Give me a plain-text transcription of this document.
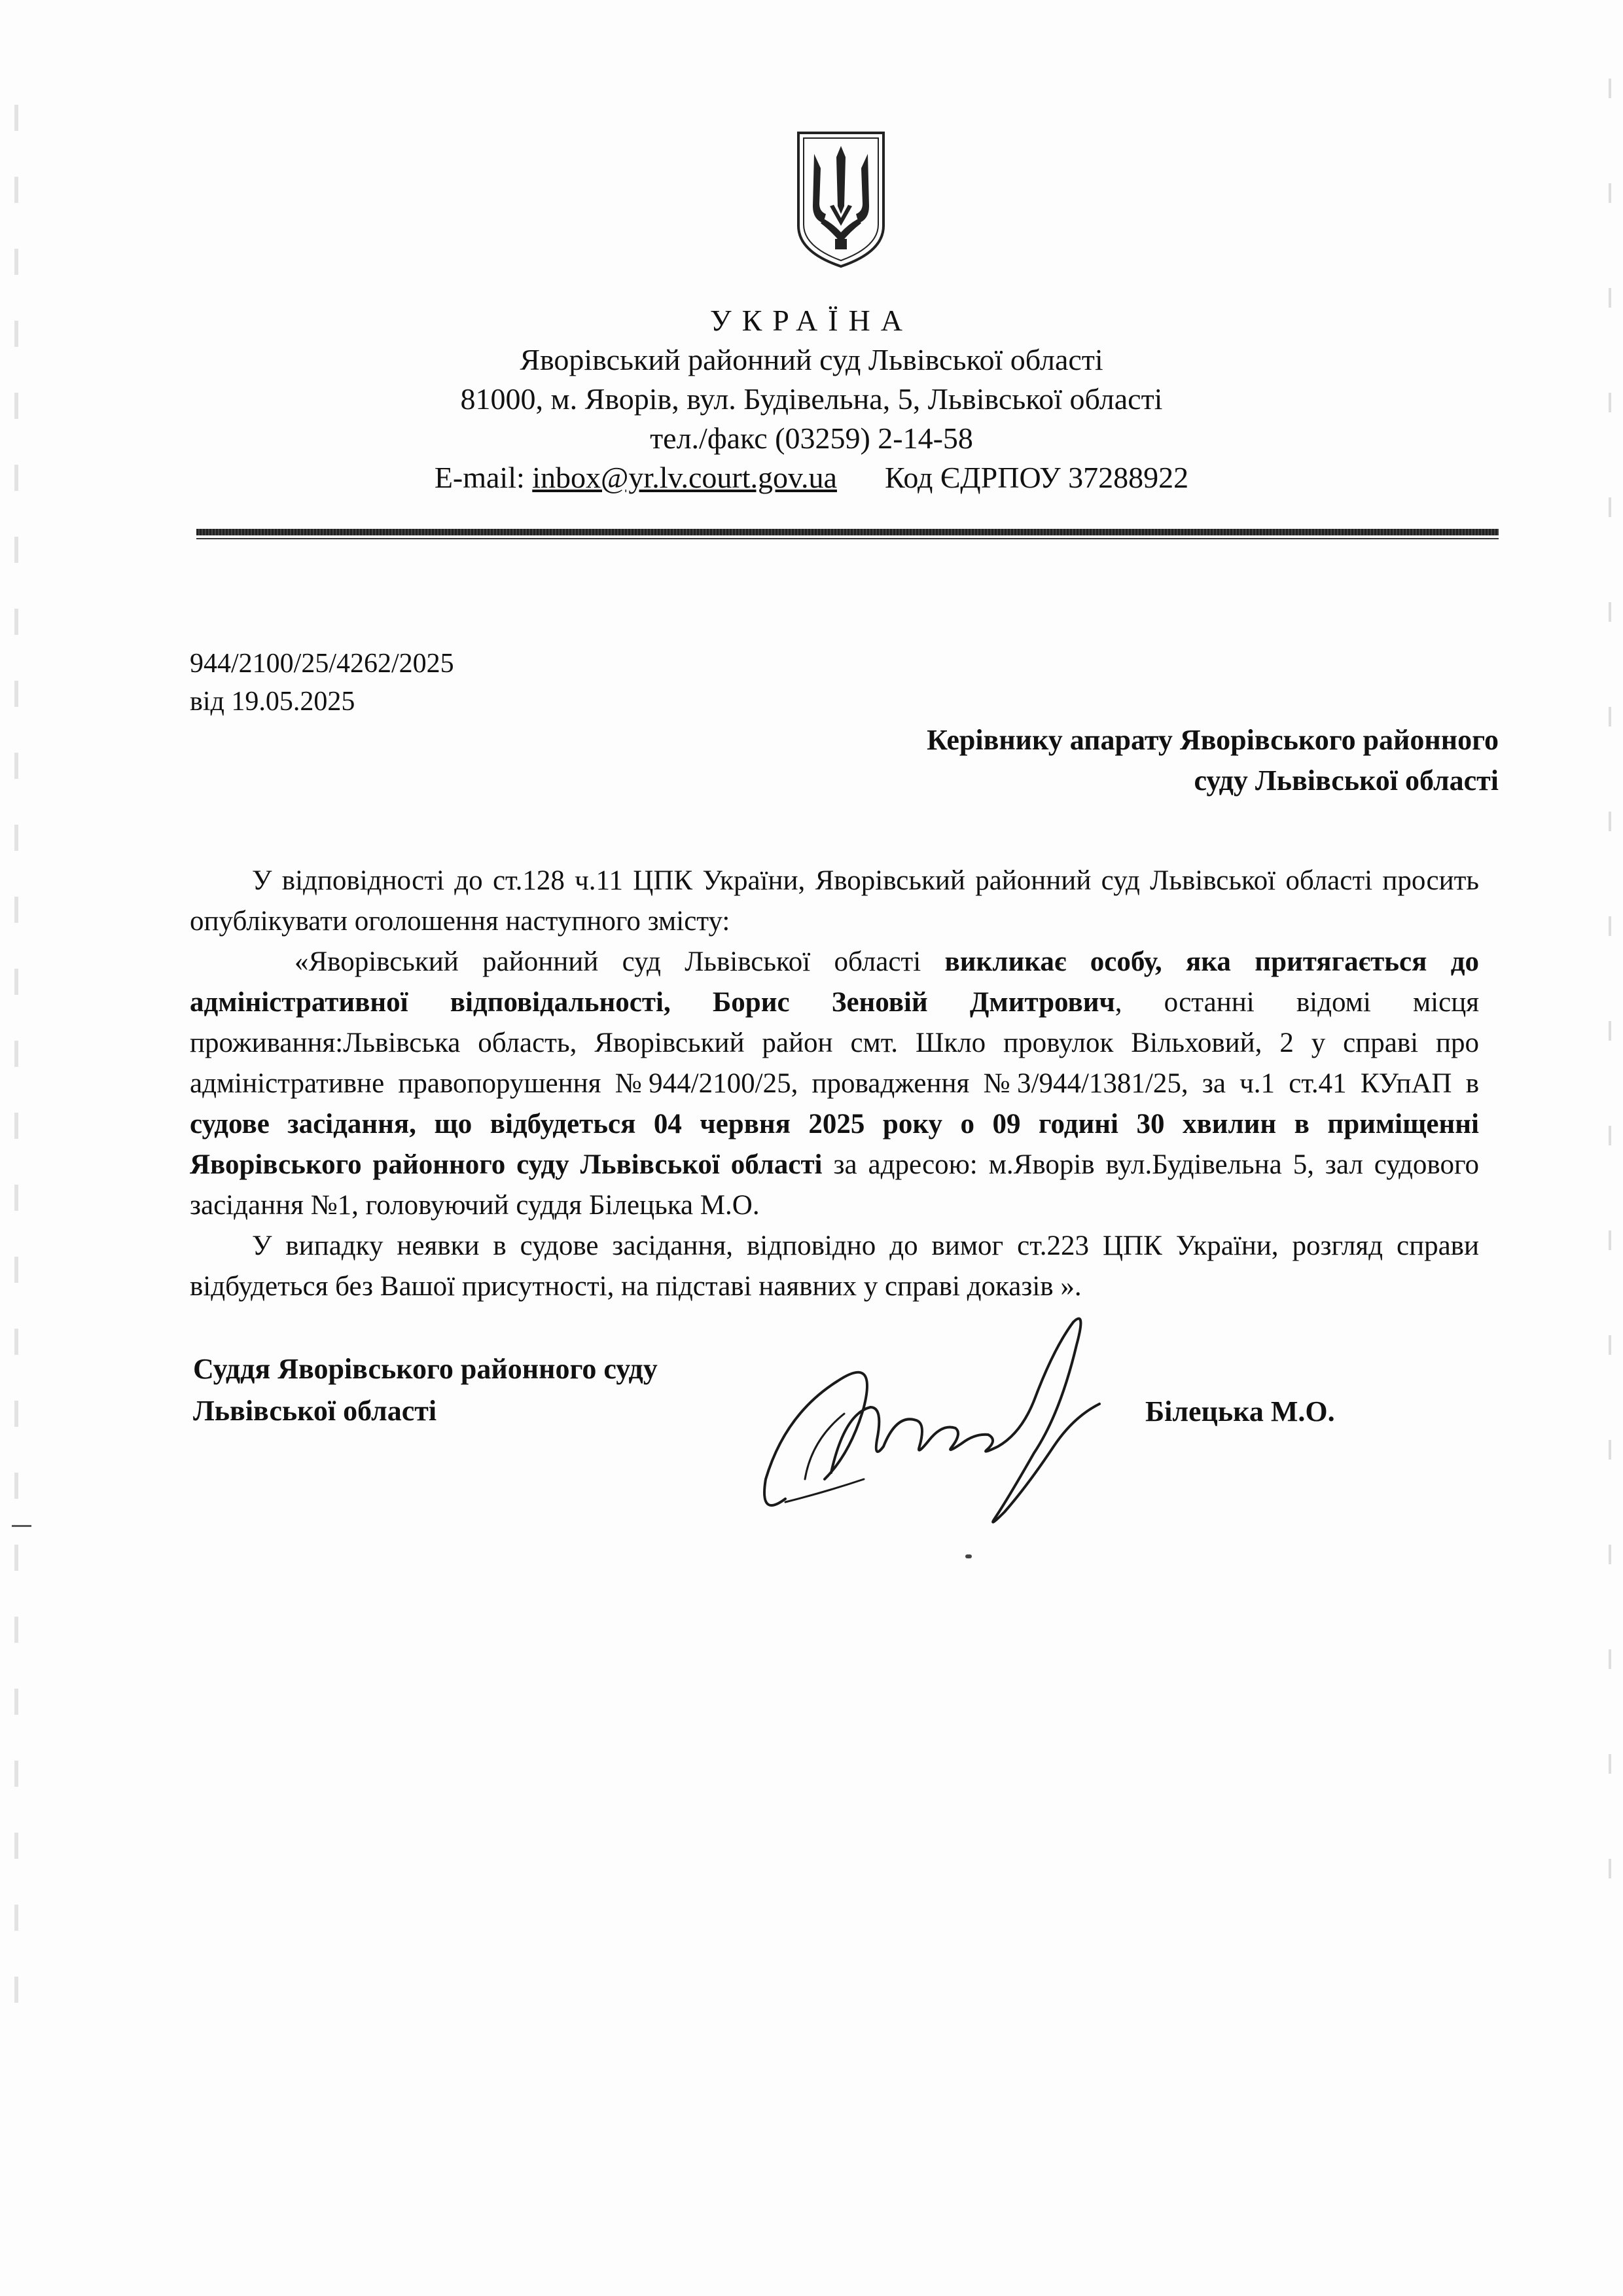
УКРАЇНА
Яворівський районний суд Львівської області
81000, м. Яворів, вул. Будівельна, 5, Львівської області
тел./факс (03259) 2-14-58
E-mail: inbox@yr.lv.court.gov.ua Код ЄДРПОУ 37288922
944/2100/25/4262/2025
від 19.05.2025
Керівнику апарату Яворівського районного
суду Львівської області

У відповідності до ст.128 ч.11 ЦПК України, Яворівський районний суд Львівської області просить опублікувати оголошення наступного змісту:

«Яворівський районний суд Львівської області викликає особу, яка притягається до адміністративної відповідальності, Борис Зеновій Дмитрович, останні відомі місця проживання:Львівська область, Яворівський район смт. Шкло провулок Вільховий, 2 у справі про адміністративне правопорушення №944/2100/25, провадження №3/944/1381/25, за ч.1 ст.41 КУпАП в судове засідання, що відбудеться 04 червня 2025 року о 09 годині 30 хвилин в приміщенні Яворівського районного суду Львівської області за адресою: м.Яворів вул.Будівельна 5, зал судового засідання №1, головуючий суддя Білецька М.О.

У випадку неявки в судове засідання, відповідно до вимог ст.223 ЦПК України, розгляд справи відбудеться без Вашої присутності, на підставі наявних у справі доказів ».

Суддя Яворівського районного суду
Львівської області	Білецька М.О.
